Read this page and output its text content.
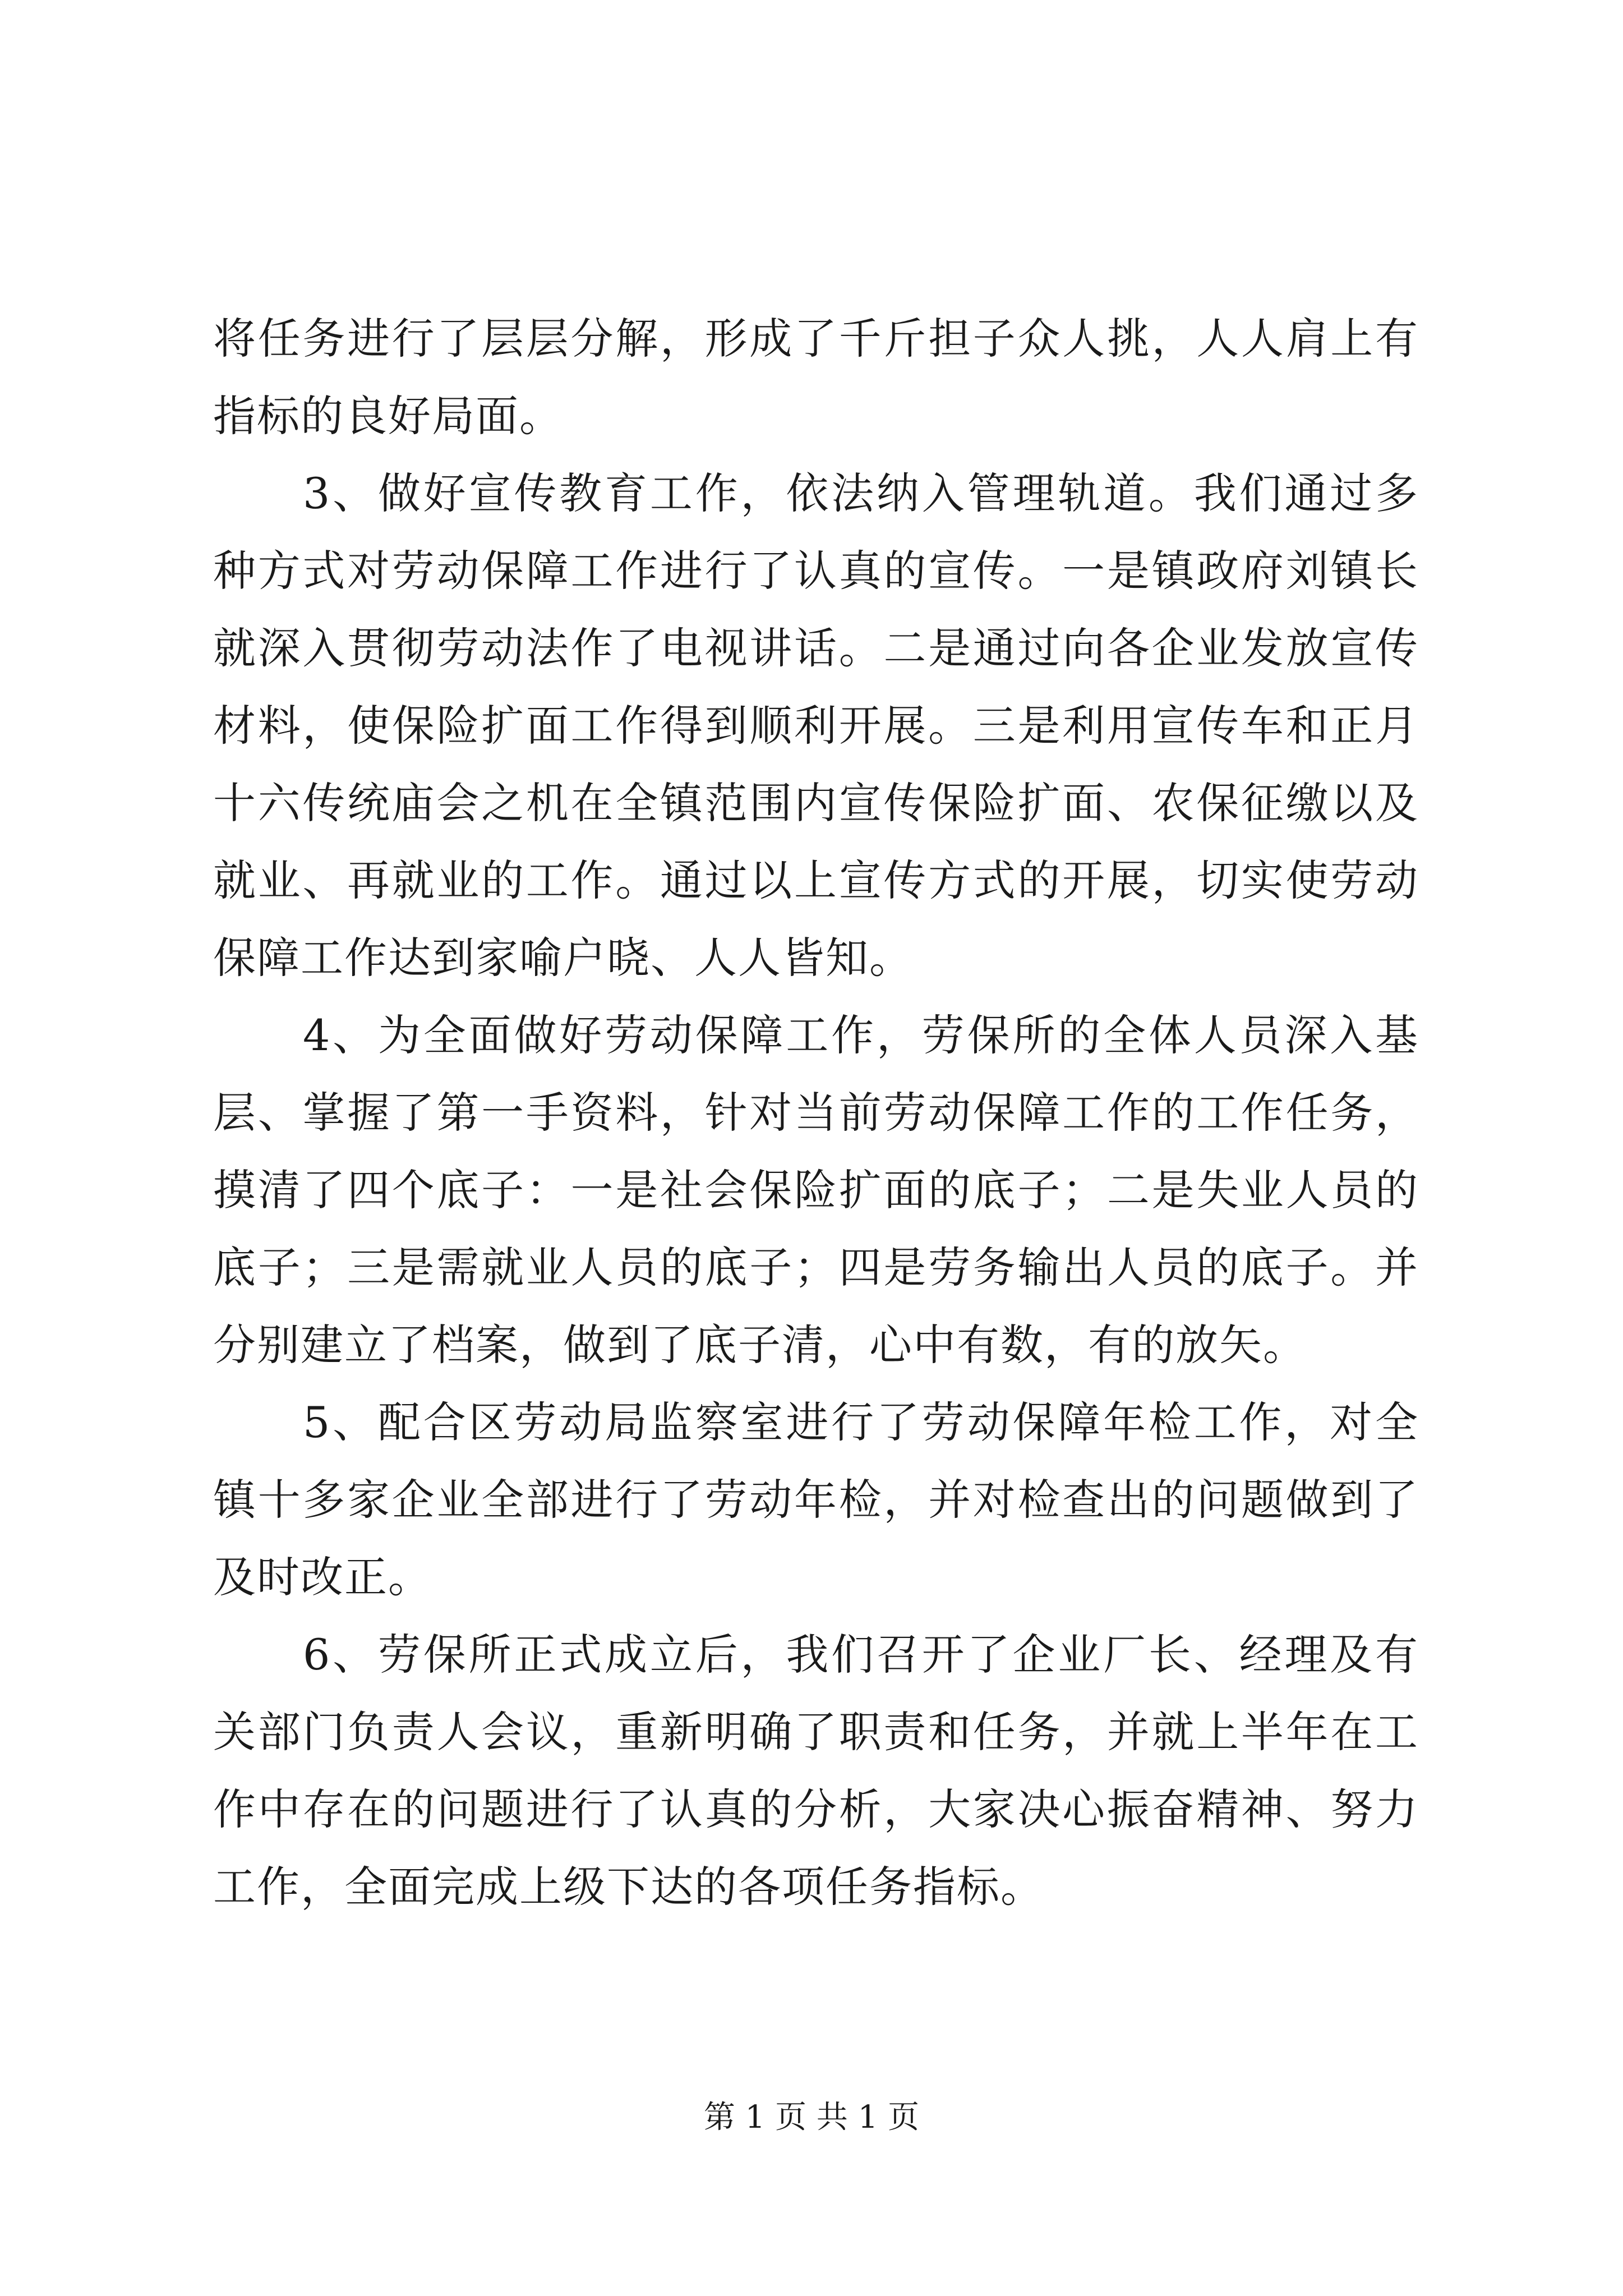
将任务进行了层层分解，形成了千斤担子众人挑，人人肩上有指标的良好局面。

3、做好宣传教育工作，依法纳入管理轨道。我们通过多种方式对劳动保障工作进行了认真的宣传。一是镇政府刘镇长就深入贯彻劳动法作了电视讲话。二是通过向各企业发放宣传材料，使保险扩面工作得到顺利开展。三是利用宣传车和正月十六传统庙会之机在全镇范围内宣传保险扩面、农保征缴以及就业、再就业的工作。通过以上宣传方式的开展，切实使劳动保障工作达到家喻户晓、人人皆知。

4、为全面做好劳动保障工作，劳保所的全体人员深入基层、掌握了第一手资料，针对当前劳动保障工作的工作任务，摸清了四个底子：一是社会保险扩面的底子；二是失业人员的底子；三是需就业人员的底子；四是劳务输出人员的底子。并分别建立了档案，做到了底子清，心中有数，有的放矢。

5、配合区劳动局监察室进行了劳动保障年检工作，对全镇十多家企业全部进行了劳动年检，并对检查出的问题做到了及时改正。

6、劳保所正式成立后，我们召开了企业厂长、经理及有关部门负责人会议，重新明确了职责和任务，并就上半年在工作中存在的问题进行了认真的分析，大家决心振奋精神、努力工作，全面完成上级下达的各项任务指标。

第 1 页 共 1 页
